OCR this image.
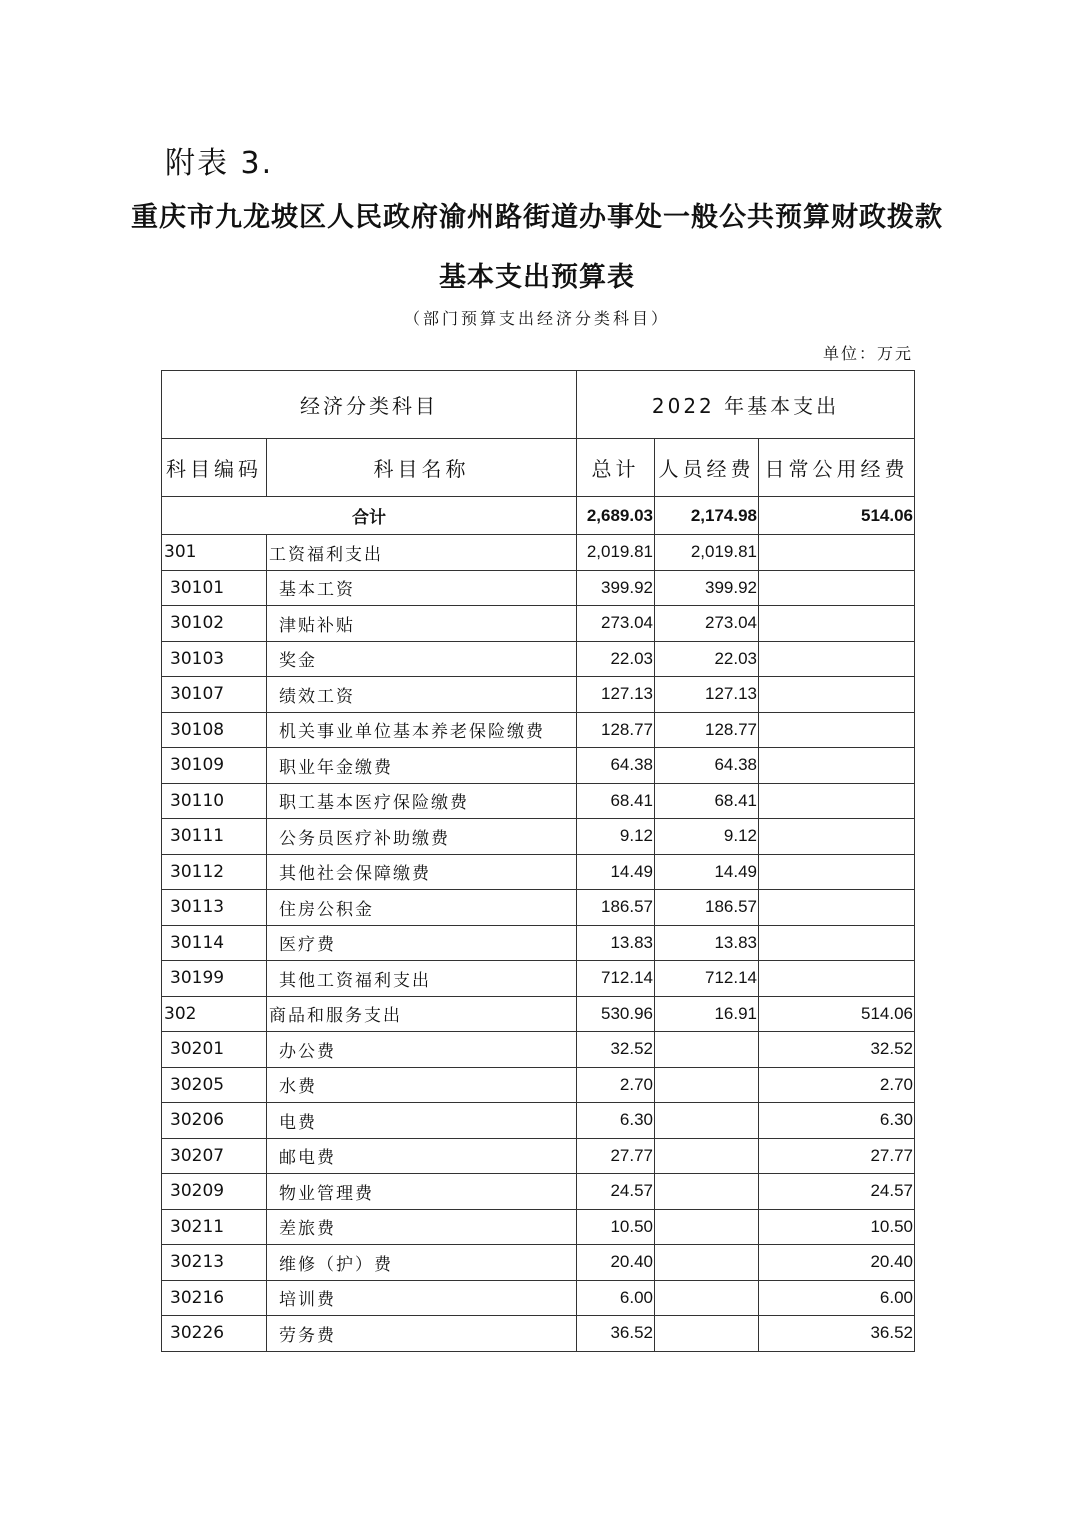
附表 3.
重庆市九龙坡区人民政府渝州路街道办事处一般公共预算财政拨款
基本支出预算表
（部门预算支出经济分类科目）
单位：万元
经济分类科目		2022 年基本支出		
科目编码	科目名称	总计	人员经费	日常公用经费
合计		2,689.03	2,174.98	514.06
301	工资福利支出	2,019.81	2,019.81	
30101	基本工资	399.92	399.92	
30102	津贴补贴	273.04	273.04	
30103	奖金	22.03	22.03	
30107	绩效工资	127.13	127.13	
30108	机关事业单位基本养老保险缴费	128.77	128.77	
30109	职业年金缴费	64.38	64.38	
30110	职工基本医疗保险缴费	68.41	68.41	
30111	公务员医疗补助缴费	9.12	9.12	
30112	其他社会保障缴费	14.49	14.49	
30113	住房公积金	186.57	186.57	
30114	医疗费	13.83	13.83	
30199	其他工资福利支出	712.14	712.14	
302	商品和服务支出	530.96	16.91	514.06
30201	办公费	32.52		32.52
30205	水费	2.70		2.70
30206	电费	6.30		6.30
30207	邮电费	27.77		27.77
30209	物业管理费	24.57		24.57
30211	差旅费	10.50		10.50
30213	维修（护）费	20.40		20.40
30216	培训费	6.00		6.00
30226	劳务费	36.52		36.52
